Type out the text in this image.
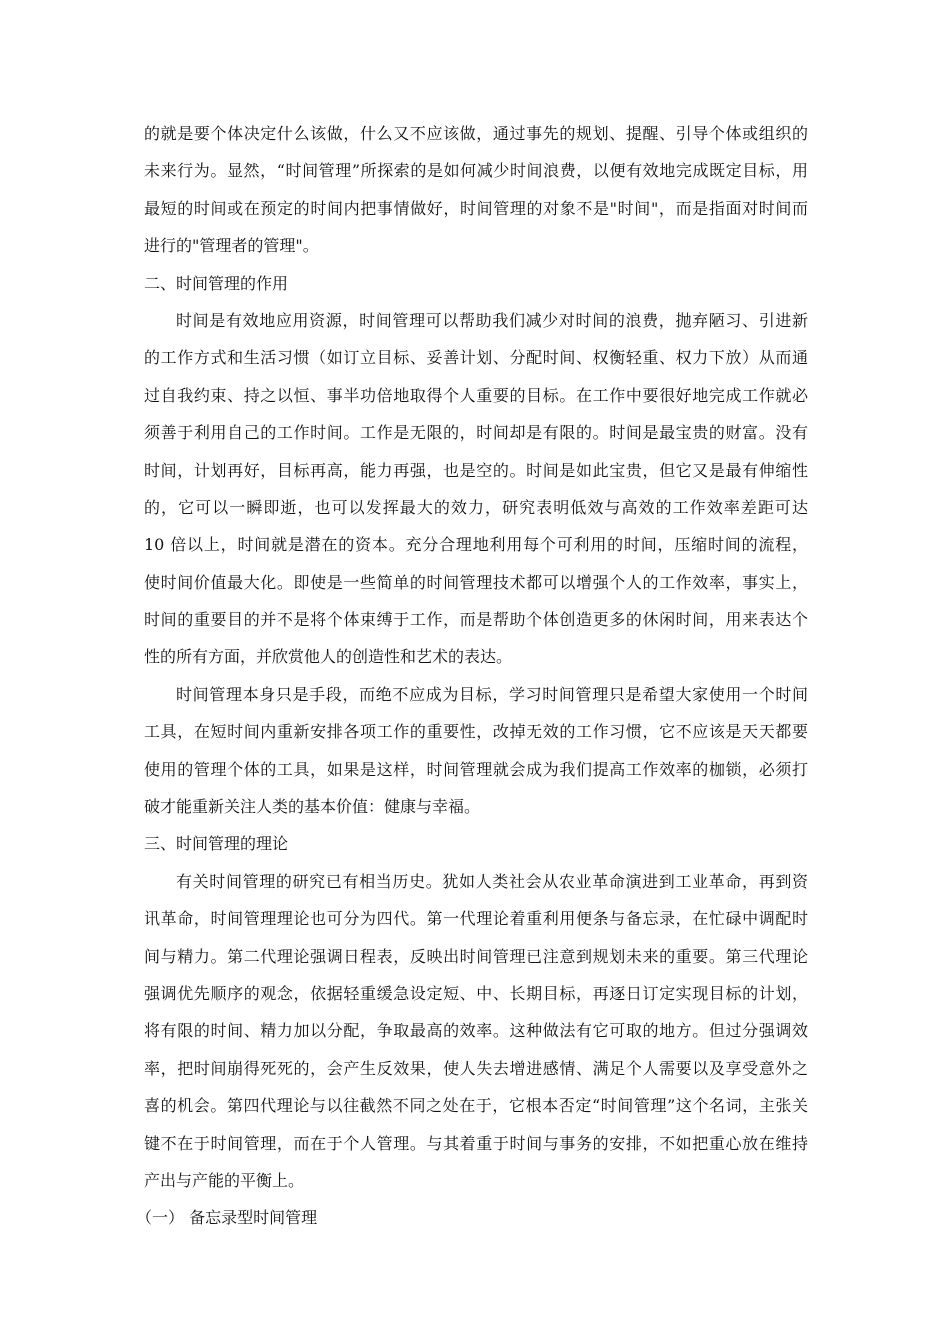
的就是要个体决定什么该做，什么又不应该做，通过事先的规划、提醒、引导个体或组织的
未来行为。显然，“时间管理”所探索的是如何减少时间浪费，以便有效地完成既定目标，用
最短的时间或在预定的时间内把事情做好，时间管理的对象不是"时间"，而是指面对时间而
进行的"管理者的管理"。
二、时间管理的作用
时间是有效地应用资源，时间管理可以帮助我们减少对时间的浪费，抛弃陋习、引进新
的工作方式和生活习惯（如订立目标、妥善计划、分配时间、权衡轻重、权力下放）从而通
过自我约束、持之以恒、事半功倍地取得个人重要的目标。在工作中要很好地完成工作就必
须善于利用自己的工作时间。工作是无限的，时间却是有限的。时间是最宝贵的财富。没有
时间，计划再好，目标再高，能力再强，也是空的。时间是如此宝贵，但它又是最有伸缩性
的，它可以一瞬即逝，也可以发挥最大的效力，研究表明低效与高效的工作效率差距可达
10 倍以上，时间就是潜在的资本。充分合理地利用每个可利用的时间，压缩时间的流程，
使时间价值最大化。即使是一些简单的时间管理技术都可以增强个人的工作效率，事实上，
时间的重要目的并不是将个体束缚于工作，而是帮助个体创造更多的休闲时间，用来表达个
性的所有方面，并欣赏他人的创造性和艺术的表达。
时间管理本身只是手段，而绝不应成为目标，学习时间管理只是希望大家使用一个时间
工具，在短时间内重新安排各项工作的重要性，改掉无效的工作习惯，它不应该是天天都要
使用的管理个体的工具，如果是这样，时间管理就会成为我们提高工作效率的枷锁，必须打
破才能重新关注人类的基本价值：健康与幸福。
三、时间管理的理论
有关时间管理的研究已有相当历史。犹如人类社会从农业革命演进到工业革命，再到资
讯革命，时间管理理论也可分为四代。第一代理论着重利用便条与备忘录，在忙碌中调配时
间与精力。第二代理论强调日程表，反映出时间管理已注意到规划未来的重要。第三代理论
强调优先顺序的观念，依据轻重缓急设定短、中、长期目标，再逐日订定实现目标的计划，
将有限的时间、精力加以分配，争取最高的效率。这种做法有它可取的地方。但过分强调效
率，把时间崩得死死的，会产生反效果，使人失去增进感情、满足个人需要以及享受意外之
喜的机会。第四代理论与以往截然不同之处在于，它根本否定“时间管理”这个名词，主张关
键不在于时间管理，而在于个人管理。与其着重于时间与事务的安排，不如把重心放在维持
产出与产能的平衡上。
（一） 备忘录型时间管理
